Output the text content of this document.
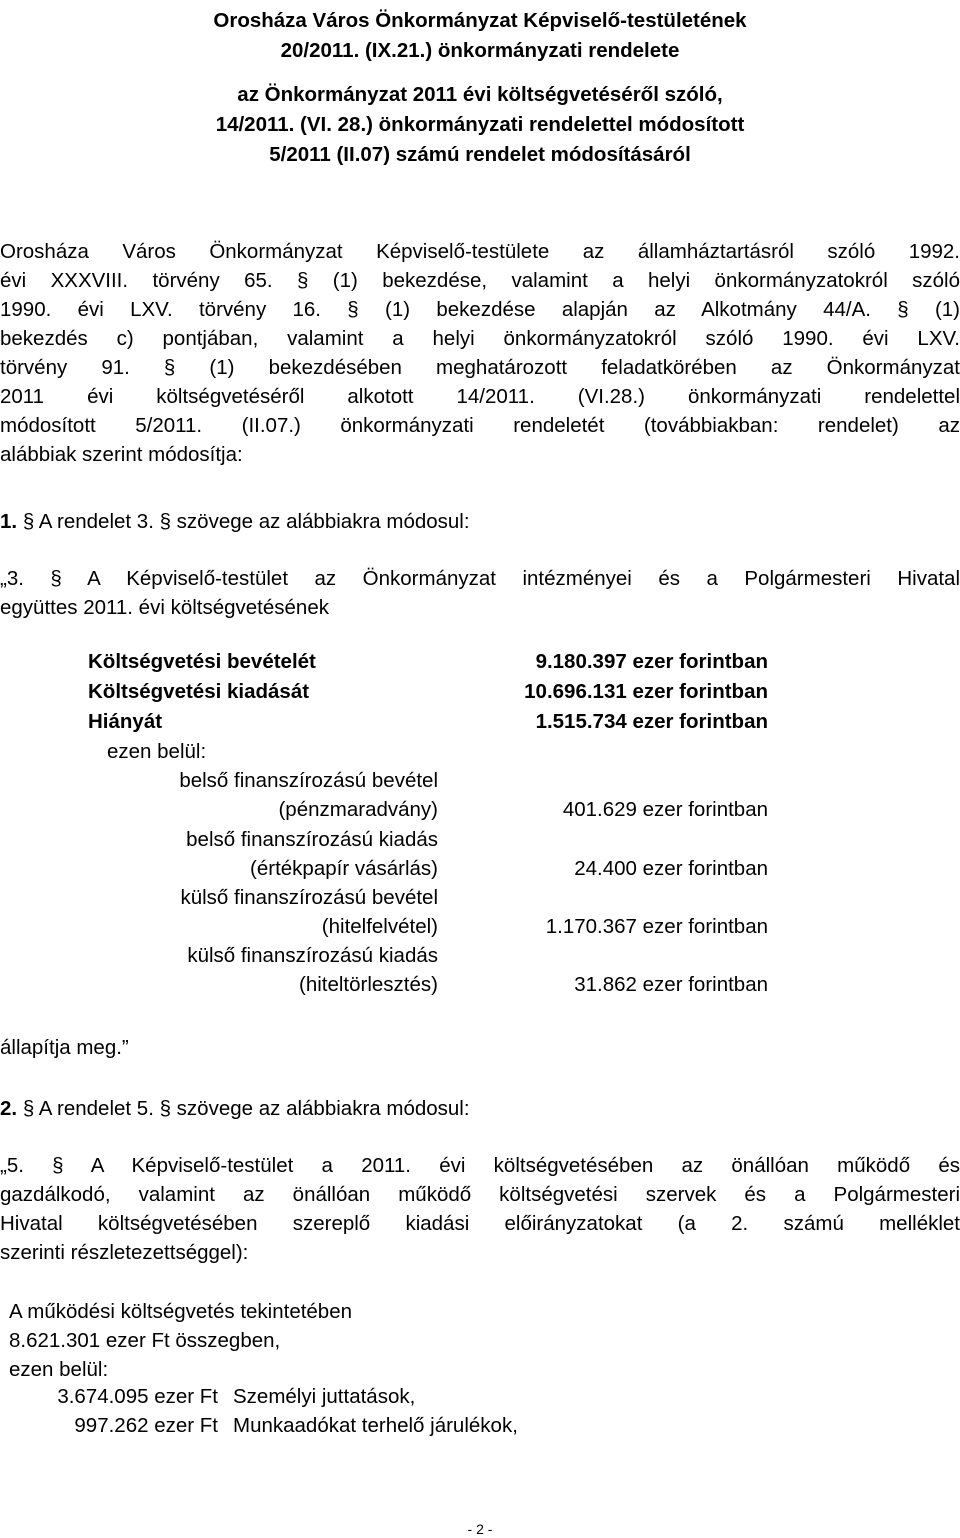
Orosháza Város Önkormányzat Képviselő-testületének
20/2011. (IX.21.) önkormányzati rendelete
az Önkormányzat 2011 évi költségvetéséről szóló,
14/2011. (VI. 28.) önkormányzati rendelettel módosított
5/2011 (II.07) számú rendelet módosításáról
Orosháza Város Önkormányzat Képviselő-testülete az államháztartásról szóló 1992.
évi XXXVIII. törvény 65. § (1) bekezdése, valamint a helyi önkormányzatokról szóló
1990. évi LXV. törvény 16. § (1) bekezdése alapján az Alkotmány 44/A. § (1)
bekezdés c) pontjában, valamint a helyi önkormányzatokról szóló 1990. évi LXV.
törvény 91. § (1) bekezdésében meghatározott feladatkörében az Önkormányzat
2011 évi költségvetéséről alkotott 14/2011. (VI.28.) önkormányzati rendelettel
módosított 5/2011. (II.07.) önkormányzati rendeletét (továbbiakban: rendelet) az
alábbiak szerint módosítja:
1. § A rendelet 3. § szövege az alábbiakra módosul:
„3. § A Képviselő-testület az Önkormányzat intézményei és a Polgármesteri Hivatal
együttes 2011. évi költségvetésének
Költségvetési bevételét	9.180.397 ezer forintban
Költségvetési kiadását	10.696.131 ezer forintban
Hiányát	1.515.734 ezer forintban
ezen belül:
belső finanszírozású bevétel
(pénzmaradvány)	401.629 ezer forintban
belső finanszírozású kiadás
(értékpapír vásárlás)	24.400 ezer forintban
külső finanszírozású bevétel
(hitelfelvétel)	1.170.367 ezer forintban
külső finanszírozású kiadás
(hiteltörlesztés)	31.862 ezer forintban
állapítja meg.”
2. § A rendelet 5. § szövege az alábbiakra módosul:
„5. § A Képviselő-testület a 2011. évi költségvetésében az önállóan működő és
gazdálkodó, valamint az önállóan működő költségvetési szervek és a Polgármesteri
Hivatal költségvetésében szereplő kiadási előirányzatokat (a 2. számú melléklet
szerinti részletezettséggel):
A működési költségvetés tekintetében
8.621.301 ezer Ft összegben,
ezen belül:
3.674.095 ezer Ft Személyi juttatások,
997.262 ezer Ft Munkaadókat terhelő járulékok,
- 2 -
